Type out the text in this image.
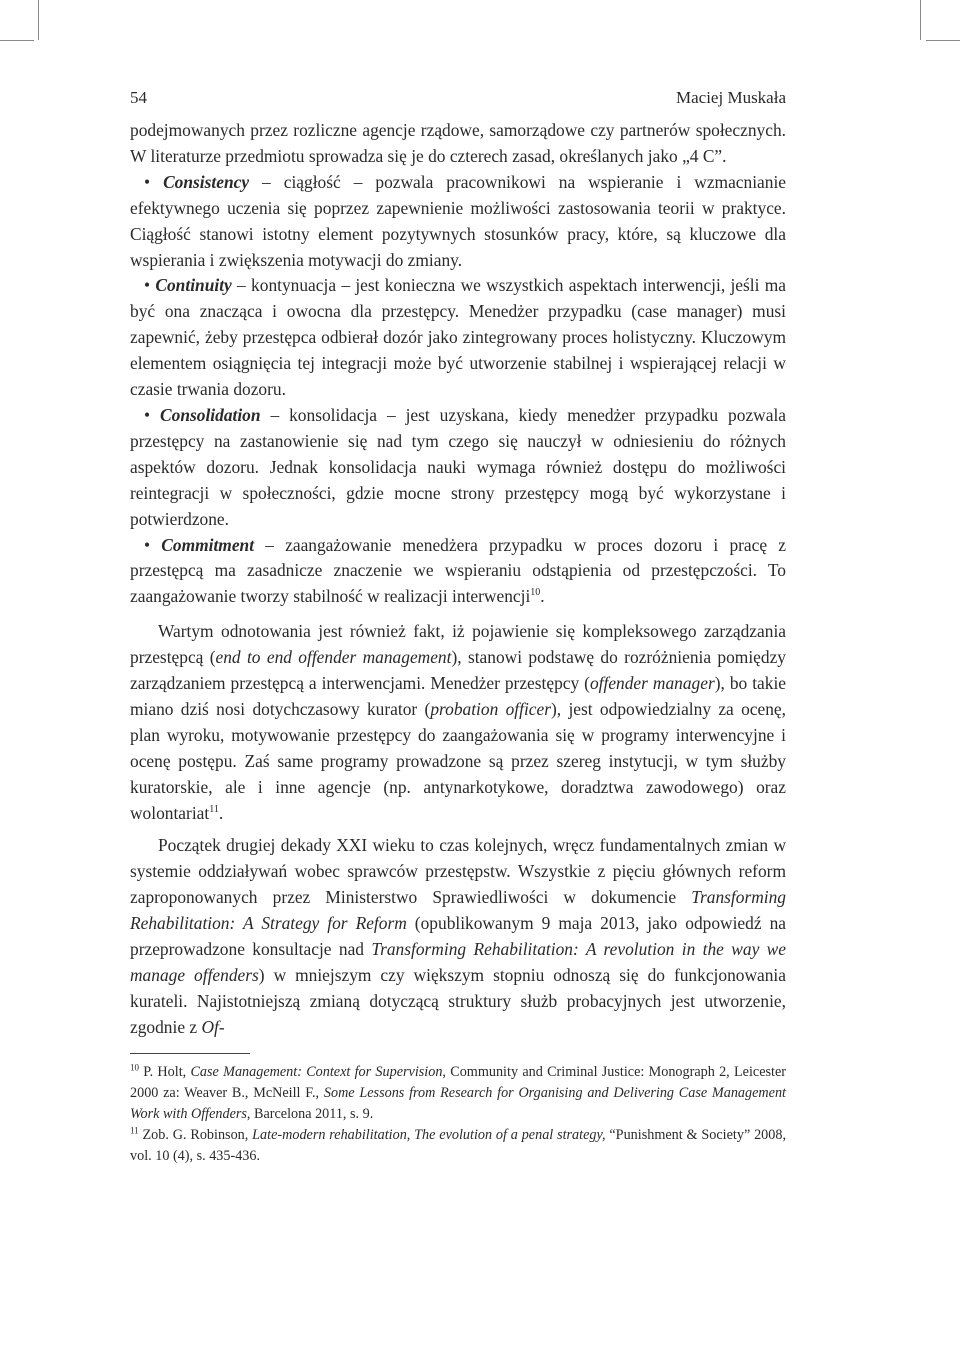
54	Maciej Muskała

podejmowanych przez rozliczne agencje rządowe, samorządowe czy partnerów społecznych. W literaturze przedmiotu sprowadza się je do czterech zasad, określanych jako „4 C”.

• Consistency – ciągłość – pozwala pracownikowi na wspieranie i wzmacnianie efektywnego uczenia się poprzez zapewnienie możliwości zastosowania teorii w praktyce. Ciągłość stanowi istotny element pozytywnych stosunków pracy, które, są kluczowe dla wspierania i zwiększenia motywacji do zmiany.

• Continuity – kontynuacja – jest konieczna we wszystkich aspektach interwencji, jeśli ma być ona znacząca i owocna dla przestępcy. Menedżer przypadku (case manager) musi zapewnić, żeby przestępca odbierał dozór jako zintegrowany proces holistyczny. Kluczowym elementem osiągnięcia tej integracji może być utworzenie stabilnej i wspierającej relacji w czasie trwania dozoru.

• Consolidation – konsolidacja – jest uzyskana, kiedy menedżer przypadku pozwala przestępcy na zastanowienie się nad tym czego się nauczył w odniesieniu do różnych aspektów dozoru. Jednak konsolidacja nauki wymaga również dostępu do możliwości reintegracji w społeczności, gdzie mocne strony przestępcy mogą być wykorzystane i potwierdzone.

• Commitment – zaangażowanie menedżera przypadku w proces dozoru i pracę z przestępcą ma zasadnicze znaczenie we wspieraniu odstąpienia od przestępczości. To zaangażowanie tworzy stabilność w realizacji interwencji$^{10}$.

Wartym odnotowania jest również fakt, iż pojawienie się kompleksowego zarządzania przestępcą (end to end offender management), stanowi podstawę do rozróżnienia pomiędzy zarządzaniem przestępcą a interwencjami. Menedżer przestępcy (offender manager), bo takie miano dziś nosi dotychczasowy kurator (probation officer), jest odpowiedzialny za ocenę, plan wyroku, motywowanie przestępcy do zaangażowania się w programy interwencyjne i ocenę postępu. Zaś same programy prowadzone są przez szereg instytucji, w tym służby kuratorskie, ale i inne agencje (np. antynarkotykowe, doradztwa zawodowego) oraz wolontariat$^{11}$.

Początek drugiej dekady XXI wieku to czas kolejnych, wręcz fundamentalnych zmian w systemie oddziaływań wobec sprawców przestępstw. Wszystkie z pięciu głównych reform zaproponowanych przez Ministerstwo Sprawiedliwości w dokumencie Transforming Rehabilitation: A Strategy for Reform (opublikowanym 9 maja 2013, jako odpowiedź na przeprowadzone konsultacje nad Transforming Rehabilitation: A revolution in the way we manage offenders) w mniejszym czy większym stopniu odnoszą się do funkcjonowania kurateli. Najistotniejszą zmianą dotyczącą struktury służb probacyjnych jest utworzenie, zgodnie z Of-

$^{10}$ P. Holt, Case Management: Context for Supervision, Community and Criminal Justice: Monograph 2, Leicester 2000 za: Weaver B., McNeill F., Some Lessons from Research for Organising and Delivering Case Management Work with Offenders, Barcelona 2011, s. 9.

$^{11}$ Zob. G. Robinson, Late-modern rehabilitation, The evolution of a penal strategy, “Punishment & Society” 2008, vol. 10 (4), s. 435-436.
